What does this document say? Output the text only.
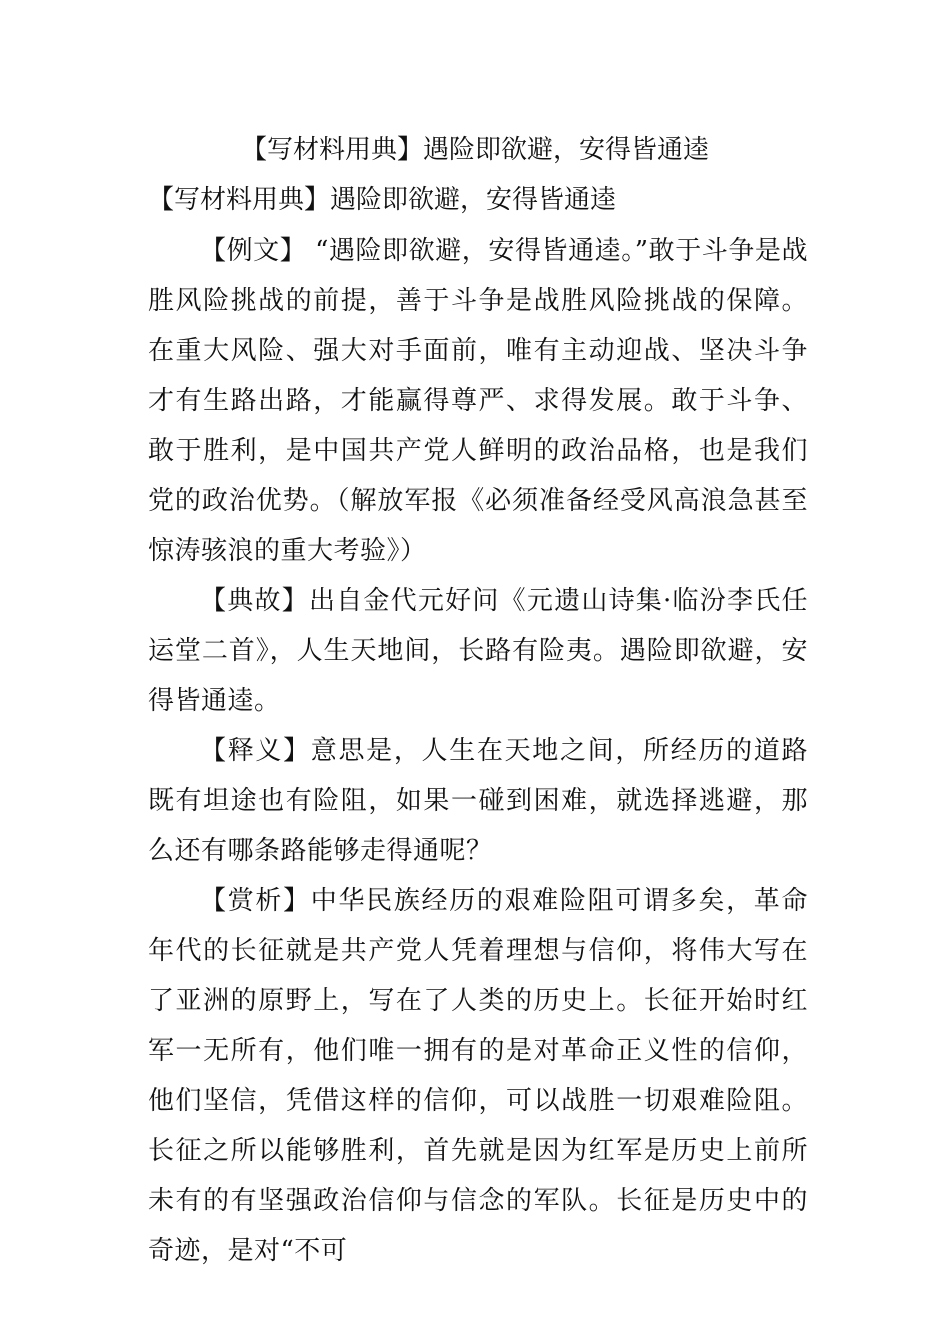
【写材料用典】遇险即欲避，安得皆通逵
【写材料用典】遇险即欲避，安得皆通逵

【例文】 “遇险即欲避，安得皆通逵。”敢于斗争是战胜风险挑战的前提，善于斗争是战胜风险挑战的保障。在重大风险、强大对手面前，唯有主动迎战、坚决斗争才有生路出路，才能赢得尊严、求得发展。敢于斗争、敢于胜利，是中国共产党人鲜明的政治品格，也是我们党的政治优势。（解放军报《必须准备经受风高浪急甚至惊涛骇浪的重大考验》）

【典故】出自金代元好问《元遗山诗集·临汾李氏任运堂二首》，人生天地间，长路有险夷。遇险即欲避，安得皆通逵。

【释义】意思是，人生在天地之间，所经历的道路既有坦途也有险阻，如果一碰到困难，就选择逃避，那么还有哪条路能够走得通呢？

【赏析】中华民族经历的艰难险阻可谓多矣，革命年代的长征就是共产党人凭着理想与信仰，将伟大写在了亚洲的原野上，写在了人类的历史上。长征开始时红军一无所有，他们唯一拥有的是对革命正义性的信仰，他们坚信，凭借这样的信仰，可以战胜一切艰难险阻。长征之所以能够胜利，首先就是因为红军是历史上前所未有的有坚强政治信仰与信念的军队。长征是历史中的奇迹，是对“不可
